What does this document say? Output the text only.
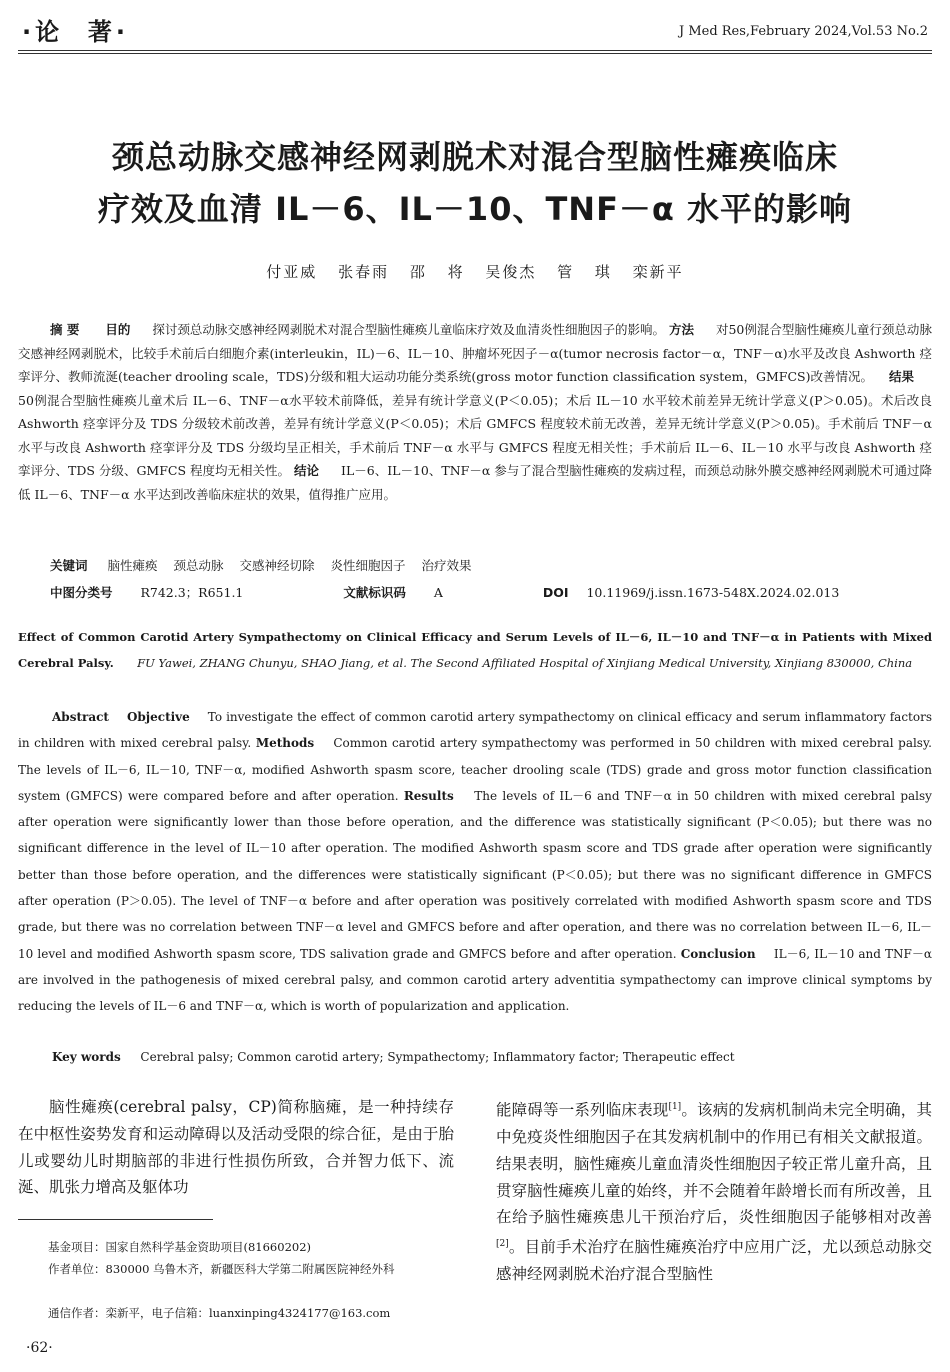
·论  著·	J Med Res,February 2024,Vol.53 No.2
颈总动脉交感神经网剥脱术对混合型脑性瘫痪临床
疗效及血清 IL－6、IL－10、TNF－α 水平的影响
付亚威 张春雨 邵 将 吴俊杰 管 琪 栾新平
摘 要 目的 探讨颈总动脉交感神经网剥脱术对混合型脑性瘫痪儿童临床疗效及血清炎性细胞因子的影响。 方法 对50例混合型脑性瘫痪儿童行颈总动脉交感神经网剥脱术，比较手术前后白细胞介素(interleukin，IL)－6、IL－10、肿瘤坏死因子－α(tumor necrosis factor－α，TNF－α)水平及改良 Ashworth 痉挛评分、教师流涎(teacher drooling scale，TDS)分级和粗大运动功能分类系统(gross motor function classification system，GMFCS)改善情况。 结果  50例混合型脑性瘫痪儿童术后 IL－6、TNF－α水平较术前降低，差异有统计学意义(P＜0.05)；术后 IL－10 水平较术前差异无统计学意义(P＞0.05)。术后改良 Ashworth 痉挛评分及 TDS 分级较术前改善，差异有统计学意义(P＜0.05)；术后 GMFCS 程度较术前无改善，差异无统计学意义(P＞0.05)。手术前后 TNF－α 水平与改良 Ashworth 痉挛评分及 TDS 分级均呈正相关，手术前后 TNF－α 水平与 GMFCS 程度无相关性；手术前后 IL－6、IL－10 水平与改良 Ashworth 痉挛评分、TDS 分级、GMFCS 程度均无相关性。 结论 IL－6、IL－10、TNF－α 参与了混合型脑性瘫痪的发病过程，而颈总动脉外膜交感神经网剥脱术可通过降低 IL－6、TNF－α 水平达到改善临床症状的效果，值得推广应用。
关键词 脑性瘫痪 颈总动脉 交感神经切除 炎性细胞因子 治疗效果
中图分类号 R742.3；R651.1	文献标识码 A	DOI 10.11969/j.issn.1673-548X.2024.02.013
Effect of Common Carotid Artery Sympathectomy on Clinical Efficacy and Serum Levels of IL－6, IL－10 and TNF－α in Patients with Mixed Cerebral Palsy. FU Yawei, ZHANG Chunyu, SHAO Jiang, et al. The Second Affiliated Hospital of Xinjiang Medical University, Xinjiang 830000, China
Abstract Objective To investigate the effect of common carotid artery sympathectomy on clinical efficacy and serum inflammatory factors in children with mixed cerebral palsy. Methods Common carotid artery sympathectomy was performed in 50 children with mixed cerebral palsy. The levels of IL－6, IL－10, TNF－α, modified Ashworth spasm score, teacher drooling scale (TDS) grade and gross motor function classification system (GMFCS) were compared before and after operation. Results The levels of IL－6 and TNF－α in 50 children with mixed cerebral palsy after operation were significantly lower than those before operation, and the difference was statistically significant (P＜0.05); but there was no significant difference in the level of IL－10 after operation. The modified Ashworth spasm score and TDS grade after operation were significantly better than those before operation, and the differences were statistically significant (P＜0.05); but there was no significant difference in GMFCS after operation (P＞0.05). The level of TNF－α before and after operation was positively correlated with modified Ashworth spasm score and TDS grade, but there was no correlation between TNF－α level and GMFCS before and after operation, and there was no correlation between IL－6, IL－10 level and modified Ashworth spasm score, TDS salivation grade and GMFCS before and after operation. Conclusion IL－6, IL－10 and TNF－α are involved in the pathogenesis of mixed cerebral palsy, and common carotid artery adventitia sympathectomy can improve clinical symptoms by reducing the levels of IL－6 and TNF－α, which is worth of popularization and application.
Key words Cerebral palsy; Common carotid artery; Sympathectomy; Inflammatory factor; Therapeutic effect
脑性瘫痪(cerebral palsy，CP)简称脑瘫，是一种持续存在中枢性姿势发育和运动障碍以及活动受限的综合征，是由于胎儿或婴幼儿时期脑部的非进行性损伤所致，合并智力低下、流涎、肌张力增高及躯体功
能障碍等一系列临床表现[1]。该病的发病机制尚未完全明确，其中免疫炎性细胞因子在其发病机制中的作用已有相关文献报道。结果表明，脑性瘫痪儿童血清炎性细胞因子较正常儿童升高，且贯穿脑性瘫痪儿童的始终，并不会随着年龄增长而有所改善，且在给予脑性瘫痪患儿干预治疗后，炎性细胞因子能够相对改善[2]。目前手术治疗在脑性瘫痪治疗中应用广泛，尤以颈总动脉交感神经网剥脱术治疗混合型脑性
基金项目：国家自然科学基金资助项目(81660202)
作者单位：830000 乌鲁木齐，新疆医科大学第二附属医院神经外科
通信作者：栾新平，电子信箱：luanxinping4324177@163.com
·62·
